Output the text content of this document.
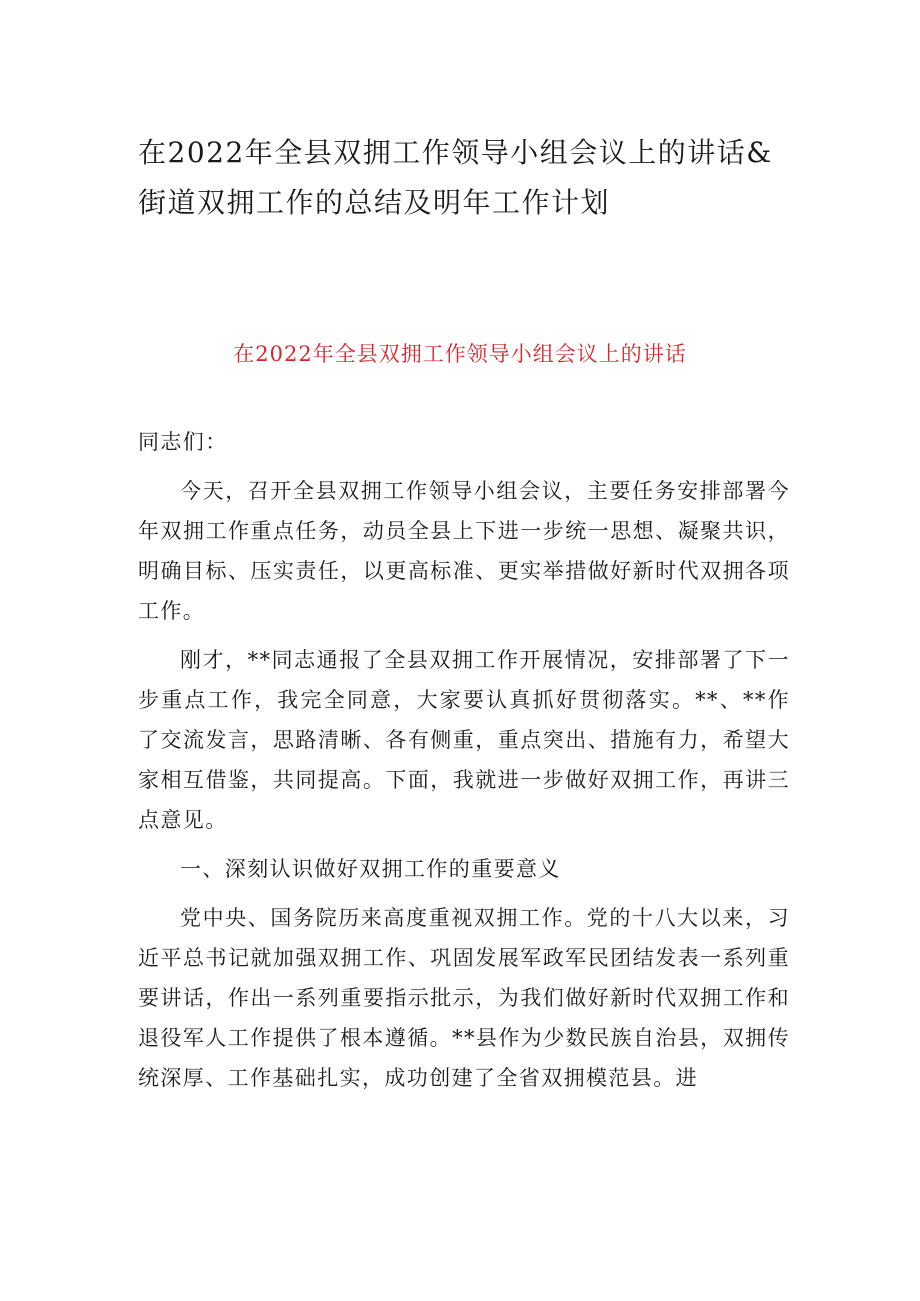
在2022年全县双拥工作领导小组会议上的讲话&街道双拥工作的总结及明年工作计划
在2022年全县双拥工作领导小组会议上的讲话

同志们：

今天，召开全县双拥工作领导小组会议，主要任务安排部署今年双拥工作重点任务，动员全县上下进一步统一思想、凝聚共识，明确目标、压实责任，以更高标准、更实举措做好新时代双拥各项工作。

刚才，**同志通报了全县双拥工作开展情况，安排部署了下一步重点工作，我完全同意，大家要认真抓好贯彻落实。**、**作了交流发言，思路清晰、各有侧重，重点突出、措施有力，希望大家相互借鉴，共同提高。下面，我就进一步做好双拥工作，再讲三点意见。

一、深刻认识做好双拥工作的重要意义

党中央、国务院历来高度重视双拥工作。党的十八大以来，习近平总书记就加强双拥工作、巩固发展军政军民团结发表一系列重要讲话，作出一系列重要指示批示，为我们做好新时代双拥工作和退役军人工作提供了根本遵循。**县作为少数民族自治县，双拥传统深厚、工作基础扎实，成功创建了全省双拥模范县。进
